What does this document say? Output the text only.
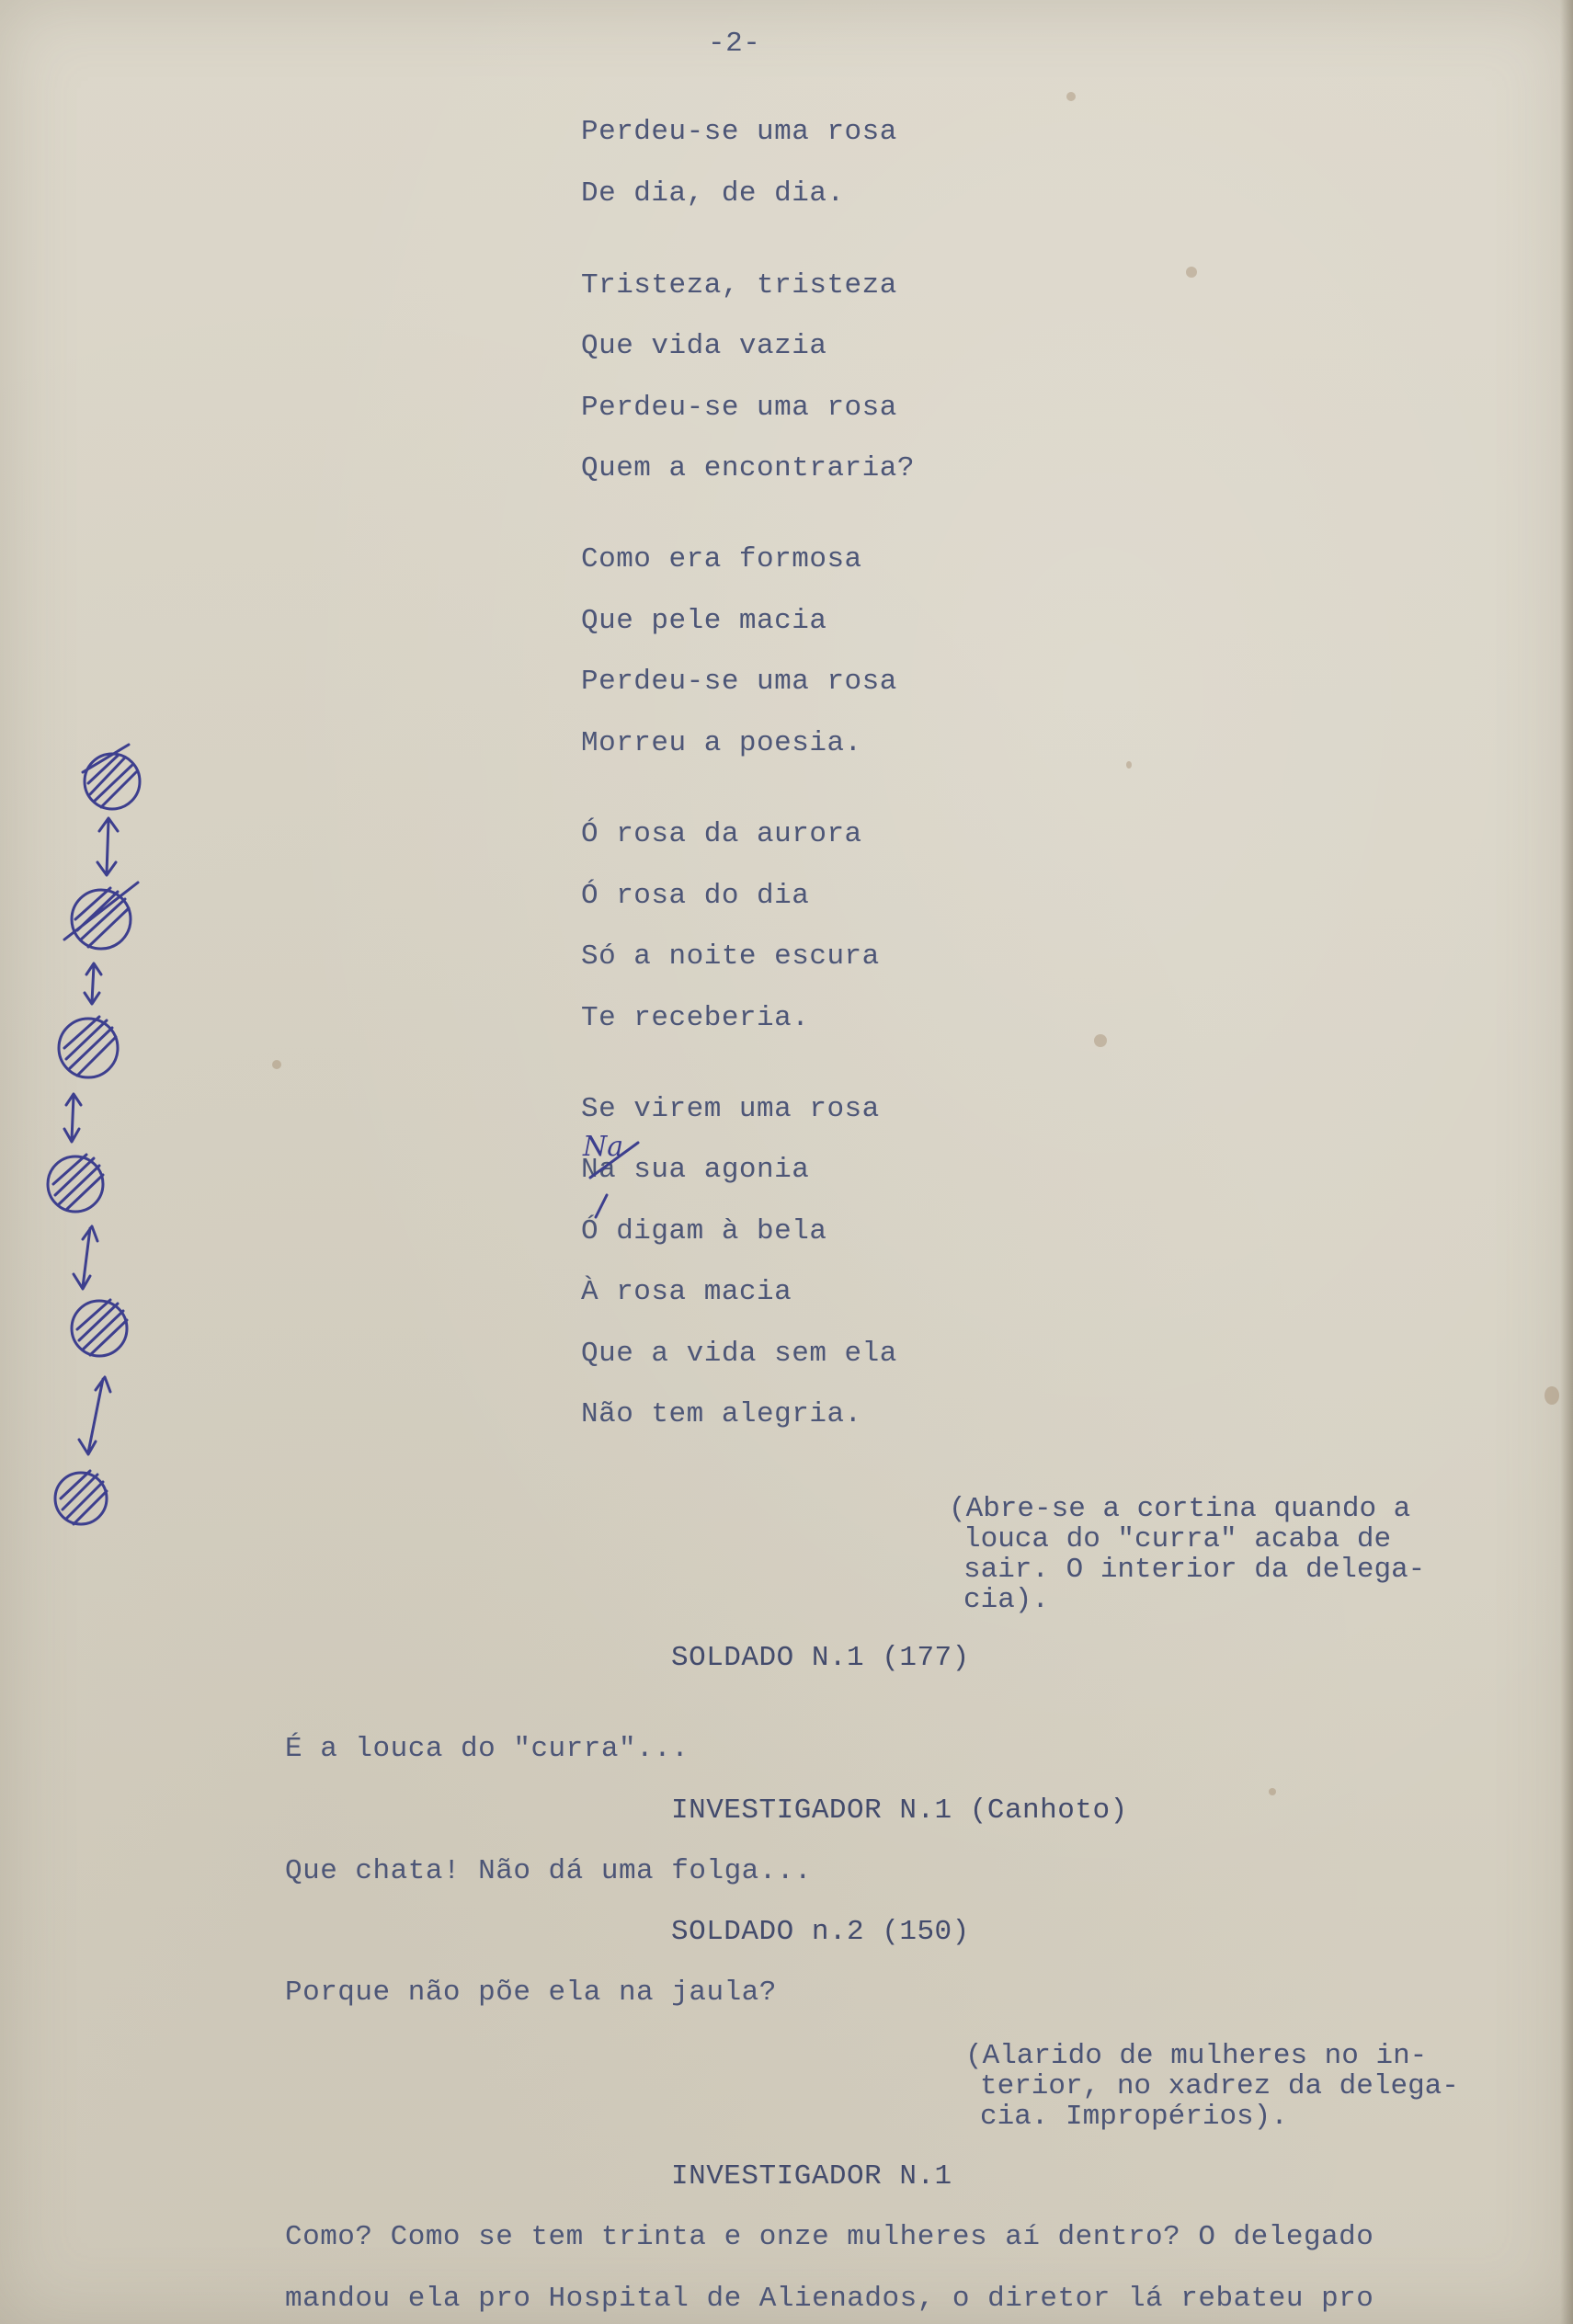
-2-
Perdeu-se uma rosa
De dia, de dia.
Tristeza, tristeza
Que vida vazia
Perdeu-se uma rosa
Quem a encontraria?
Como era formosa
Que pele macia
Perdeu-se uma rosa
Morreu a poesia.
Ó rosa da aurora
Ó rosa do dia
Só a noite escura
Te receberia.
Se virem uma rosa
Na sua agonia
Ó digam à bela
À rosa macia
Que a vida sem ela
Não tem alegria.
Na
(Abre-se a cortina quando a
louca do "curra" acaba de
sair. O interior da delega-
cia).
SOLDADO N.1 (177)
É a louca do "curra"...
INVESTIGADOR N.1 (Canhoto)
Que chata! Não dá uma folga...
SOLDADO n.2 (150)
Porque não põe ela na jaula?
(Alarido de mulheres no in-
terior, no xadrez da delega-
cia. Impropérios).
INVESTIGADOR N.1
Como? Como se tem trinta e onze mulheres aí dentro? O delegado
mandou ela pro Hospital de Alienados, o diretor lá rebateu pro
